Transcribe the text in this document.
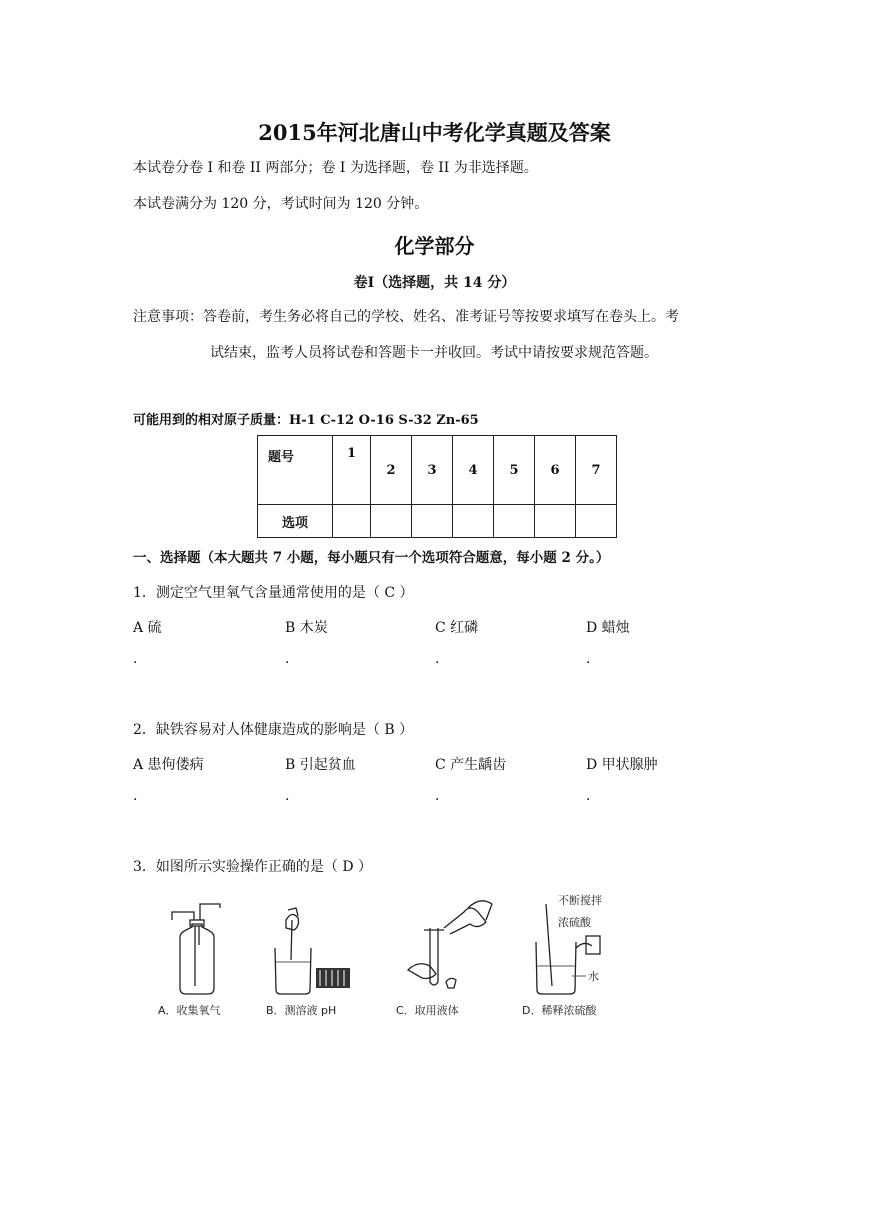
2015年河北唐山中考化学真题及答案
本试卷分卷 I 和卷 II 两部分；卷 I 为选择题，卷 II 为非选择题。
本试卷满分为 120 分，考试时间为 120 分钟。
化学部分
卷Ⅰ（选择题，共 14 分）
注意事项：答卷前，考生务必将自己的学校、姓名、准考证号等按要求填写在卷头上。考
试结束，监考人员将试卷和答题卡一并收回。考试中请按要求规范答题。
可能用到的相对原子质量：H-1 C-12 O-16 S-32 Zn-65
题号	1	2	3	4	5	6	7
选项							
一、选择题（本大题共 7 小题，每小题只有一个选项符合题意，每小题 2 分。）
1．测定空气里氧气含量通常使用的是（ C ）
A 硫	B 木炭	C 红磷	D 蜡烛
.	.	.	.
2．缺铁容易对人体健康造成的影响是（ B ）
A 患佝偻病	B 引起贫血	C 产生龋齿	D 甲状腺肿
.	.	.	.
3．如图所示实验操作正确的是（ D ）
A．收集氧气	B．测溶液 pH	C．取用液体
不断搅拌
浓硫酸
水
D．稀释浓硫酸
